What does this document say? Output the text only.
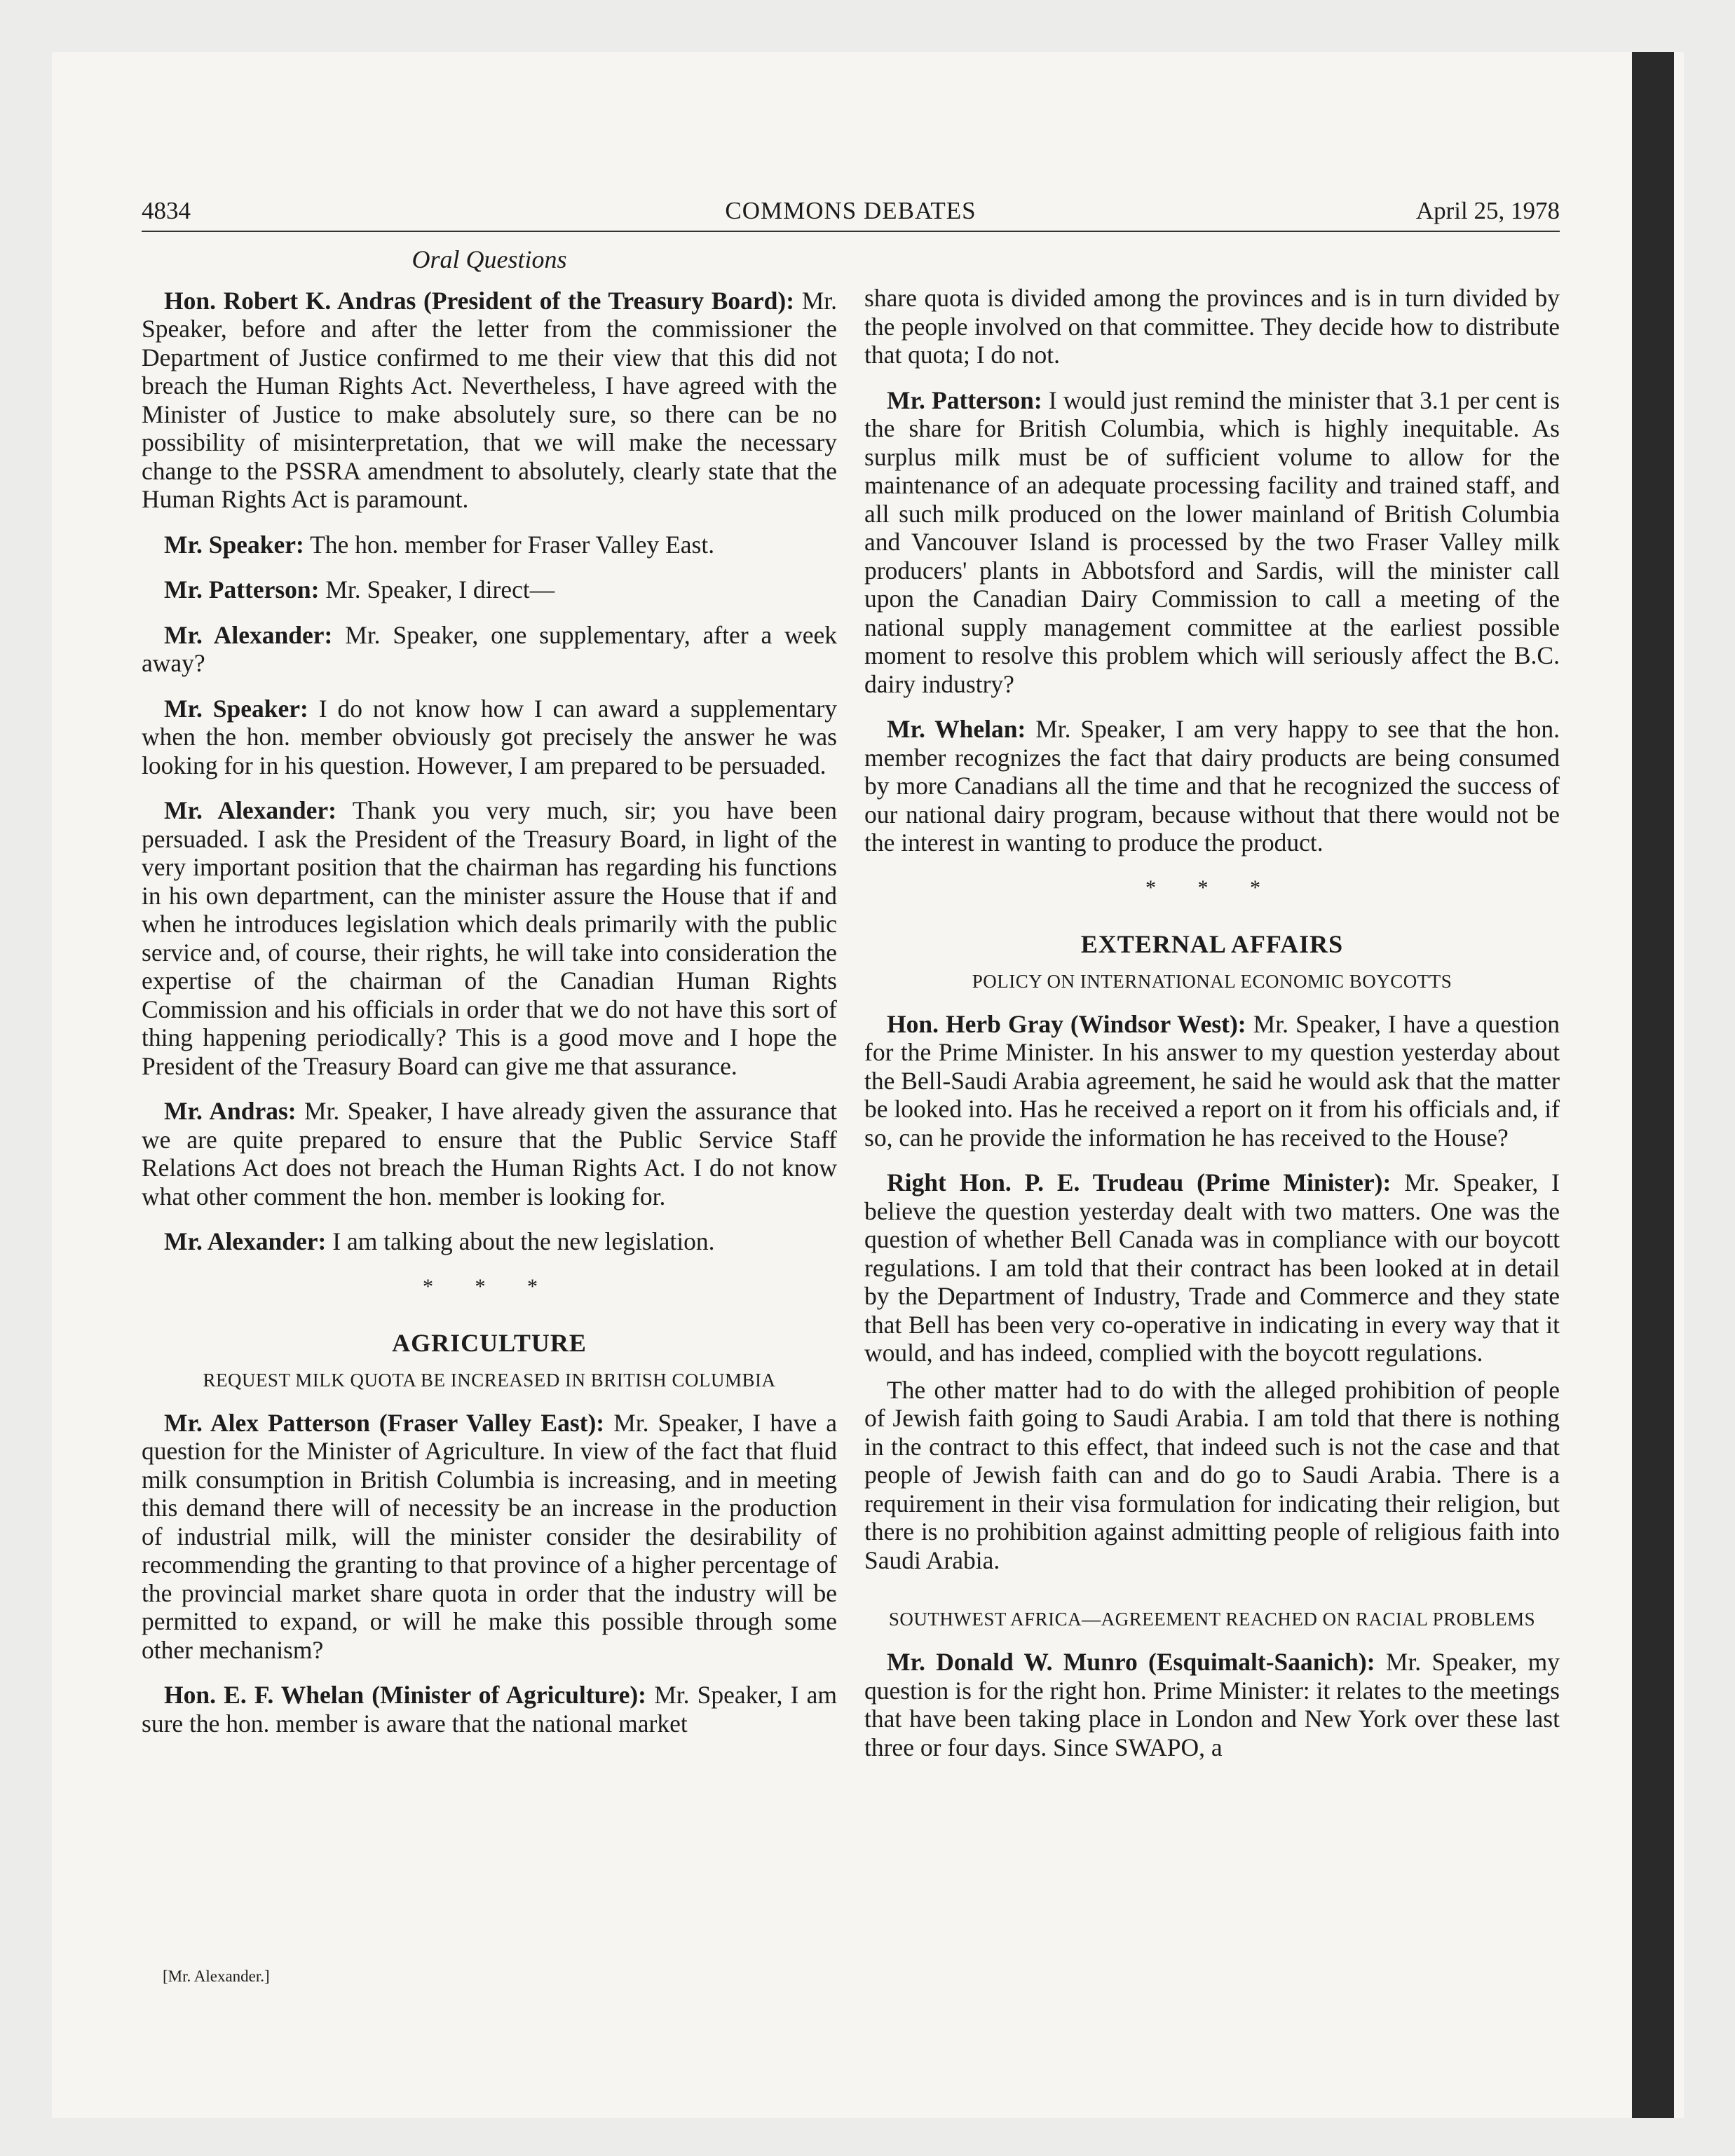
4834	COMMONS DEBATES	April 25, 1978
Oral Questions

Hon. Robert K. Andras (President of the Treasury Board): Mr. Speaker, before and after the letter from the commissioner the Department of Justice confirmed to me their view that this did not breach the Human Rights Act. Nevertheless, I have agreed with the Minister of Justice to make absolutely sure, so there can be no possibility of misinterpretation, that we will make the necessary change to the PSSRA amendment to absolutely, clearly state that the Human Rights Act is paramount.

Mr. Speaker: The hon. member for Fraser Valley East.

Mr. Patterson: Mr. Speaker, I direct—

Mr. Alexander: Mr. Speaker, one supplementary, after a week away?

Mr. Speaker: I do not know how I can award a supplementary when the hon. member obviously got precisely the answer he was looking for in his question. However, I am prepared to be persuaded.

Mr. Alexander: Thank you very much, sir; you have been persuaded. I ask the President of the Treasury Board, in light of the very important position that the chairman has regarding his functions in his own department, can the minister assure the House that if and when he introduces legislation which deals primarily with the public service and, of course, their rights, he will take into consideration the expertise of the chairman of the Canadian Human Rights Commission and his officials in order that we do not have this sort of thing happening periodically? This is a good move and I hope the President of the Treasury Board can give me that assurance.

Mr. Andras: Mr. Speaker, I have already given the assurance that we are quite prepared to ensure that the Public Service Staff Relations Act does not breach the Human Rights Act. I do not know what other comment the hon. member is looking for.

Mr. Alexander: I am talking about the new legislation.

* * *
AGRICULTURE
REQUEST MILK QUOTA BE INCREASED IN BRITISH COLUMBIA

Mr. Alex Patterson (Fraser Valley East): Mr. Speaker, I have a question for the Minister of Agriculture. In view of the fact that fluid milk consumption in British Columbia is increasing, and in meeting this demand there will of necessity be an increase in the production of industrial milk, will the minister consider the desirability of recommending the granting to that province of a higher percentage of the provincial market share quota in order that the industry will be permitted to expand, or will he make this possible through some other mechanism?

Hon. E. F. Whelan (Minister of Agriculture): Mr. Speaker, I am sure the hon. member is aware that the national market

share quota is divided among the provinces and is in turn divided by the people involved on that committee. They decide how to distribute that quota; I do not.

Mr. Patterson: I would just remind the minister that 3.1 per cent is the share for British Columbia, which is highly inequitable. As surplus milk must be of sufficient volume to allow for the maintenance of an adequate processing facility and trained staff, and all such milk produced on the lower mainland of British Columbia and Vancouver Island is processed by the two Fraser Valley milk producers' plants in Abbotsford and Sardis, will the minister call upon the Canadian Dairy Commission to call a meeting of the national supply management committee at the earliest possible moment to resolve this problem which will seriously affect the B.C. dairy industry?

Mr. Whelan: Mr. Speaker, I am very happy to see that the hon. member recognizes the fact that dairy products are being consumed by more Canadians all the time and that he recognized the success of our national dairy program, because without that there would not be the interest in wanting to produce the product.

* * *
EXTERNAL AFFAIRS
POLICY ON INTERNATIONAL ECONOMIC BOYCOTTS

Hon. Herb Gray (Windsor West): Mr. Speaker, I have a question for the Prime Minister. In his answer to my question yesterday about the Bell-Saudi Arabia agreement, he said he would ask that the matter be looked into. Has he received a report on it from his officials and, if so, can he provide the information he has received to the House?

Right Hon. P. E. Trudeau (Prime Minister): Mr. Speaker, I believe the question yesterday dealt with two matters. One was the question of whether Bell Canada was in compliance with our boycott regulations. I am told that their contract has been looked at in detail by the Department of Industry, Trade and Commerce and they state that Bell has been very co-operative in indicating in every way that it would, and has indeed, complied with the boycott regulations.

The other matter had to do with the alleged prohibition of people of Jewish faith going to Saudi Arabia. I am told that there is nothing in the contract to this effect, that indeed such is not the case and that people of Jewish faith can and do go to Saudi Arabia. There is a requirement in their visa formulation for indicating their religion, but there is no prohibition against admitting people of religious faith into Saudi Arabia.

SOUTHWEST AFRICA—AGREEMENT REACHED ON RACIAL PROBLEMS

Mr. Donald W. Munro (Esquimalt-Saanich): Mr. Speaker, my question is for the right hon. Prime Minister: it relates to the meetings that have been taking place in London and New York over these last three or four days. Since SWAPO, a

[Mr. Alexander.]
